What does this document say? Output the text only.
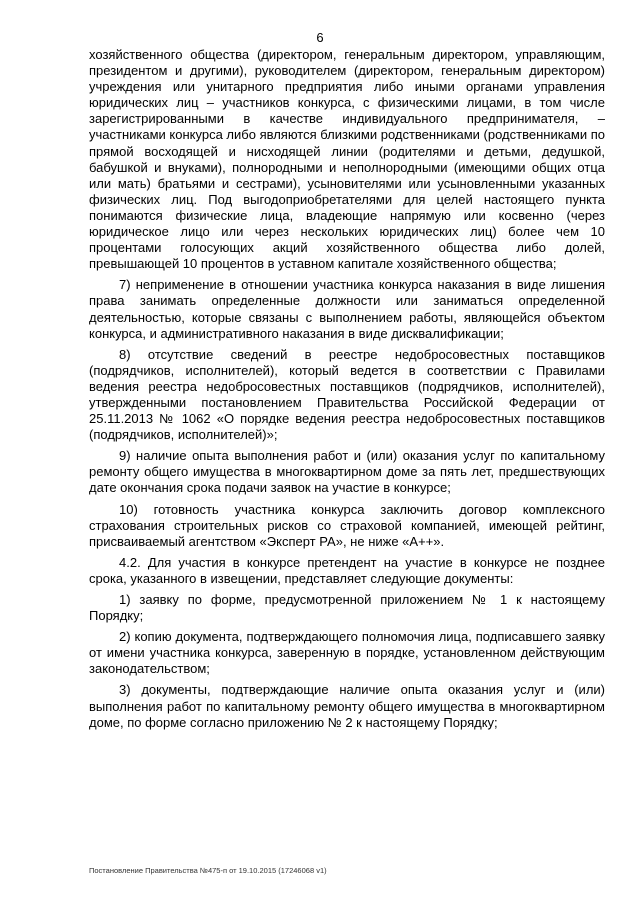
6

хозяйственного общества (директором, генеральным директором, управляющим, президентом и другими), руководителем (директором, генеральным директором) учреждения или унитарного предприятия либо иными органами управления юридических лиц – участников конкурса, с физическими лицами, в том числе зарегистрированными в качестве индивидуального предпринимателя, – участниками конкурса либо являются близкими родственниками (родственниками по прямой восходящей и нисходящей линии (родителями и детьми, дедушкой, бабушкой и внуками), полнородными и неполнородными (имеющими общих отца или мать) братьями и сестрами), усыновителями или усыновленными указанных физических лиц. Под выгодоприобретателями для целей настоящего пункта понимаются физические лица, владеющие напрямую или косвенно (через юридическое лицо или через нескольких юридических лиц) более чем 10 процентами голосующих акций хозяйственного общества либо долей, превышающей 10 процентов в уставном капитале хозяйственного общества;

7) неприменение в отношении участника конкурса наказания в виде лишения права занимать определенные должности или заниматься определенной деятельностью, которые связаны с выполнением работы, являющейся объектом конкурса, и административного наказания в виде дисквалификации;

8) отсутствие сведений в реестре недобросовестных поставщиков (подрядчиков, исполнителей), который ведется в соответствии с Правилами ведения реестра недобросовестных поставщиков (подрядчиков, исполнителей), утвержденными постановлением Правительства Российской Федерации от 25.11.2013 № 1062 «О порядке ведения реестра недобросовестных поставщиков (подрядчиков, исполнителей)»;

9) наличие опыта выполнения работ и (или) оказания услуг по капитальному ремонту общего имущества в многоквартирном доме за пять лет, предшествующих дате окончания срока подачи заявок на участие в конкурсе;

10) готовность участника конкурса заключить договор комплексного страхования строительных рисков со страховой компанией, имеющей рейтинг, присваиваемый агентством «Эксперт РА», не ниже «А++».

4.2. Для участия в конкурсе претендент на участие в конкурсе не позднее срока, указанного в извещении, представляет следующие документы:

1) заявку по форме, предусмотренной приложением № 1 к настоящему Порядку;

2) копию документа, подтверждающего полномочия лица, подписавшего заявку от имени участника конкурса, заверенную в порядке, установленном действующим законодательством;

3) документы, подтверждающие наличие опыта оказания услуг и (или) выполнения работ по капитальному ремонту общего имущества в многоквартирном доме, по форме согласно приложению № 2 к настоящему Порядку;

Постановление Правительства №475-п от 19.10.2015 (17246068 v1)
